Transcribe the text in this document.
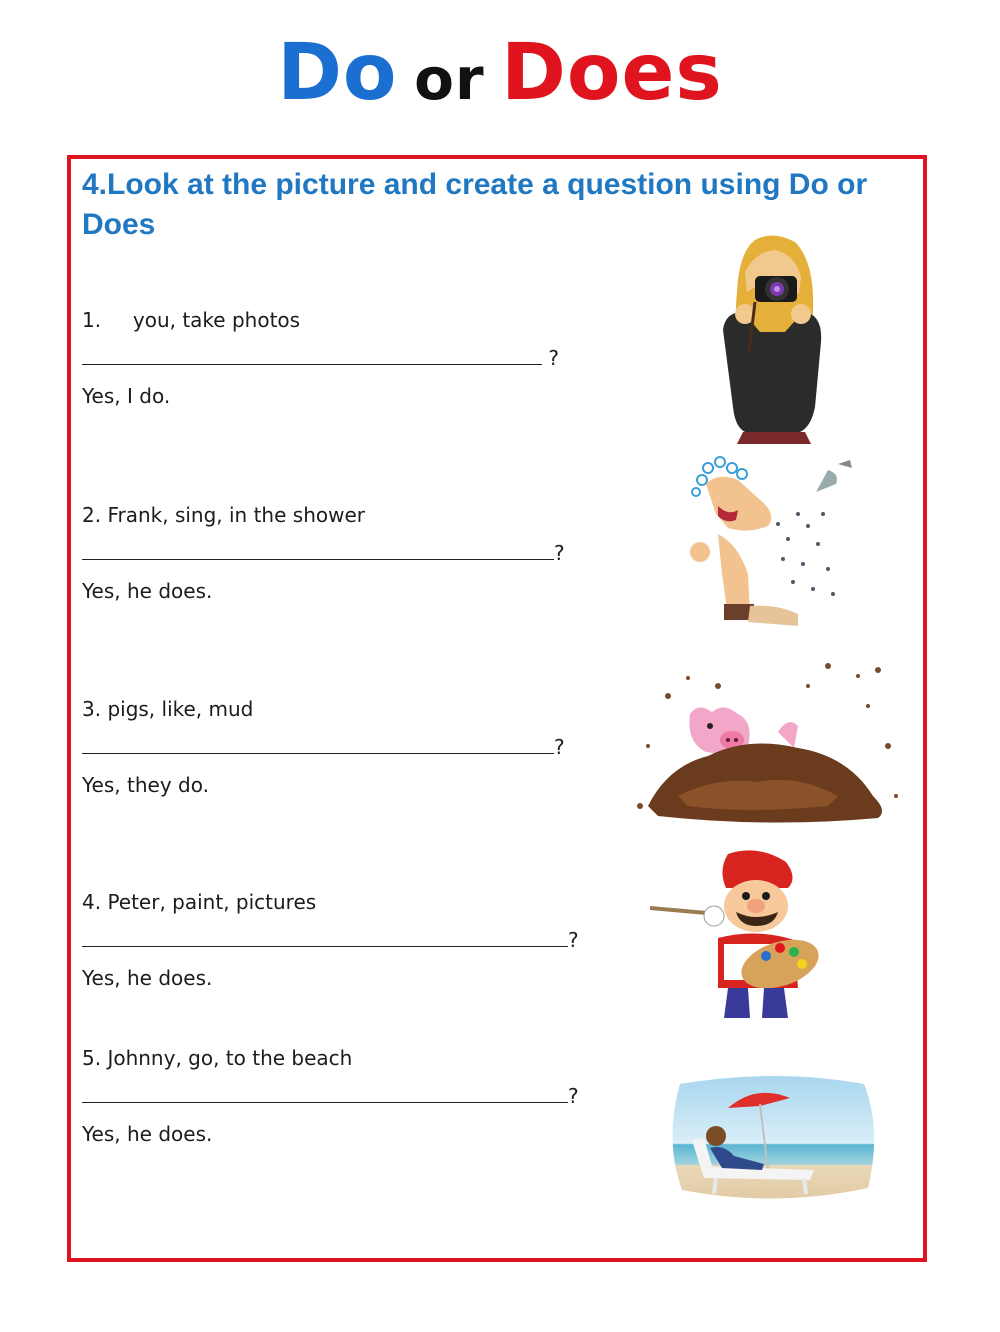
Do or Does
4.Look at the picture and create a question using Do or Does
1.     you, take photos
?
Yes, I do.
2. Frank, sing, in the shower
?
Yes, he does.
3. pigs, like, mud
?
Yes, they do.
4. Peter, paint, pictures
?
Yes, he does.
5. Johnny, go, to the beach
?
Yes, he does.
